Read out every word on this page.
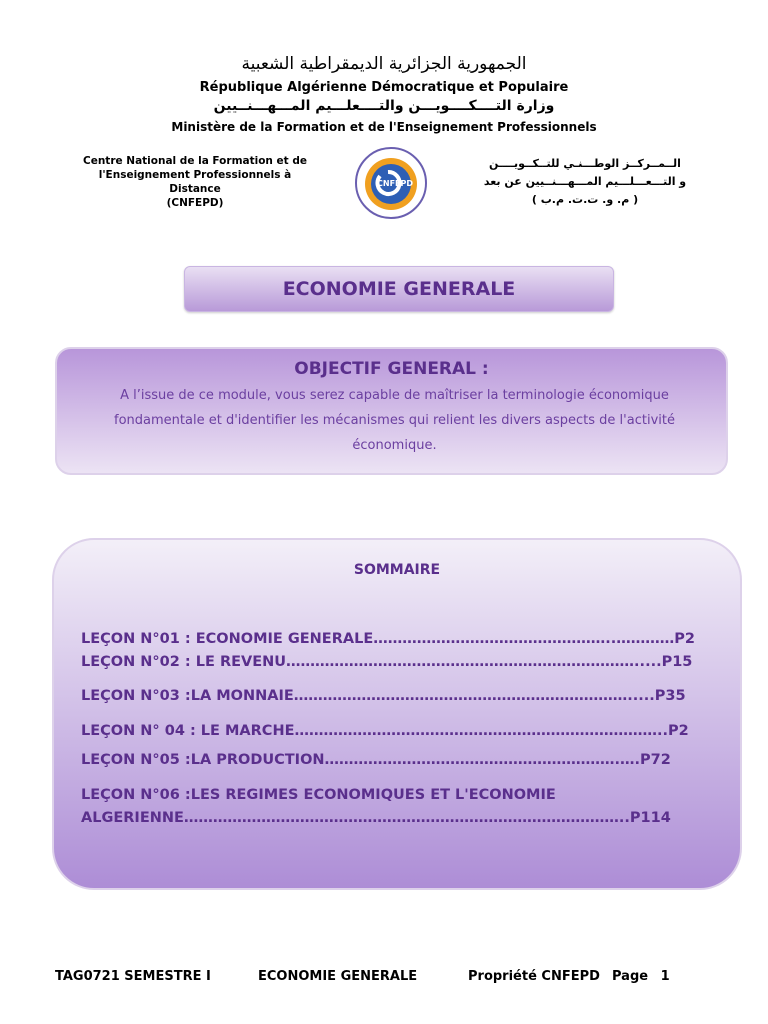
الجمهورية الجزائرية الديمقراطية الشعبية
République Algérienne Démocratique et Populaire
وزارة التــــكــــويـــن والتــــعلـــيم المـــهـــنــيين
Ministère de la Formation et de l'Enseignement Professionnels
Centre National de la Formation et de
l'Enseignement Professionnels à Distance
(CNFEPD)
CNFEPD
الــمــركــز الوطـــنـي للتــكــويــــن
و التـــعـــلـــيم المـــهـــنــيين عن بعد
( م. و. ت.ت. م.ب )
ECONOMIE GENERALE
OBJECTIF GENERAL :
A l’issue de ce module, vous serez capable de maîtriser la terminologie économique
fondamentale et d'identifier les mécanismes qui relient les divers aspects de l'activité
économique.
SOMMAIRE
LEÇON N°01 : ECONOMIE GENERALE…………………………………………..…………P2
LEÇON N°02 : LE REVENU……………………………………………………………….....P15
LEÇON N°03 :LA MONNAIE…………………………………………………………….....P35
LEÇON N° 04 : LE MARCHE…………………………………………………………………..P2
LEÇON N°05 :LA PRODUCTION…………………………………………………….….P72
LEÇON N°06 :LES REGIMES ECONOMIQUES ET L'ECONOMIE
ALGERIENNE………………………………………………………………………………..P114
TAG0721 SEMESTRE I	ECONOMIE GENERALE	Propriété CNFEPD Page 1
